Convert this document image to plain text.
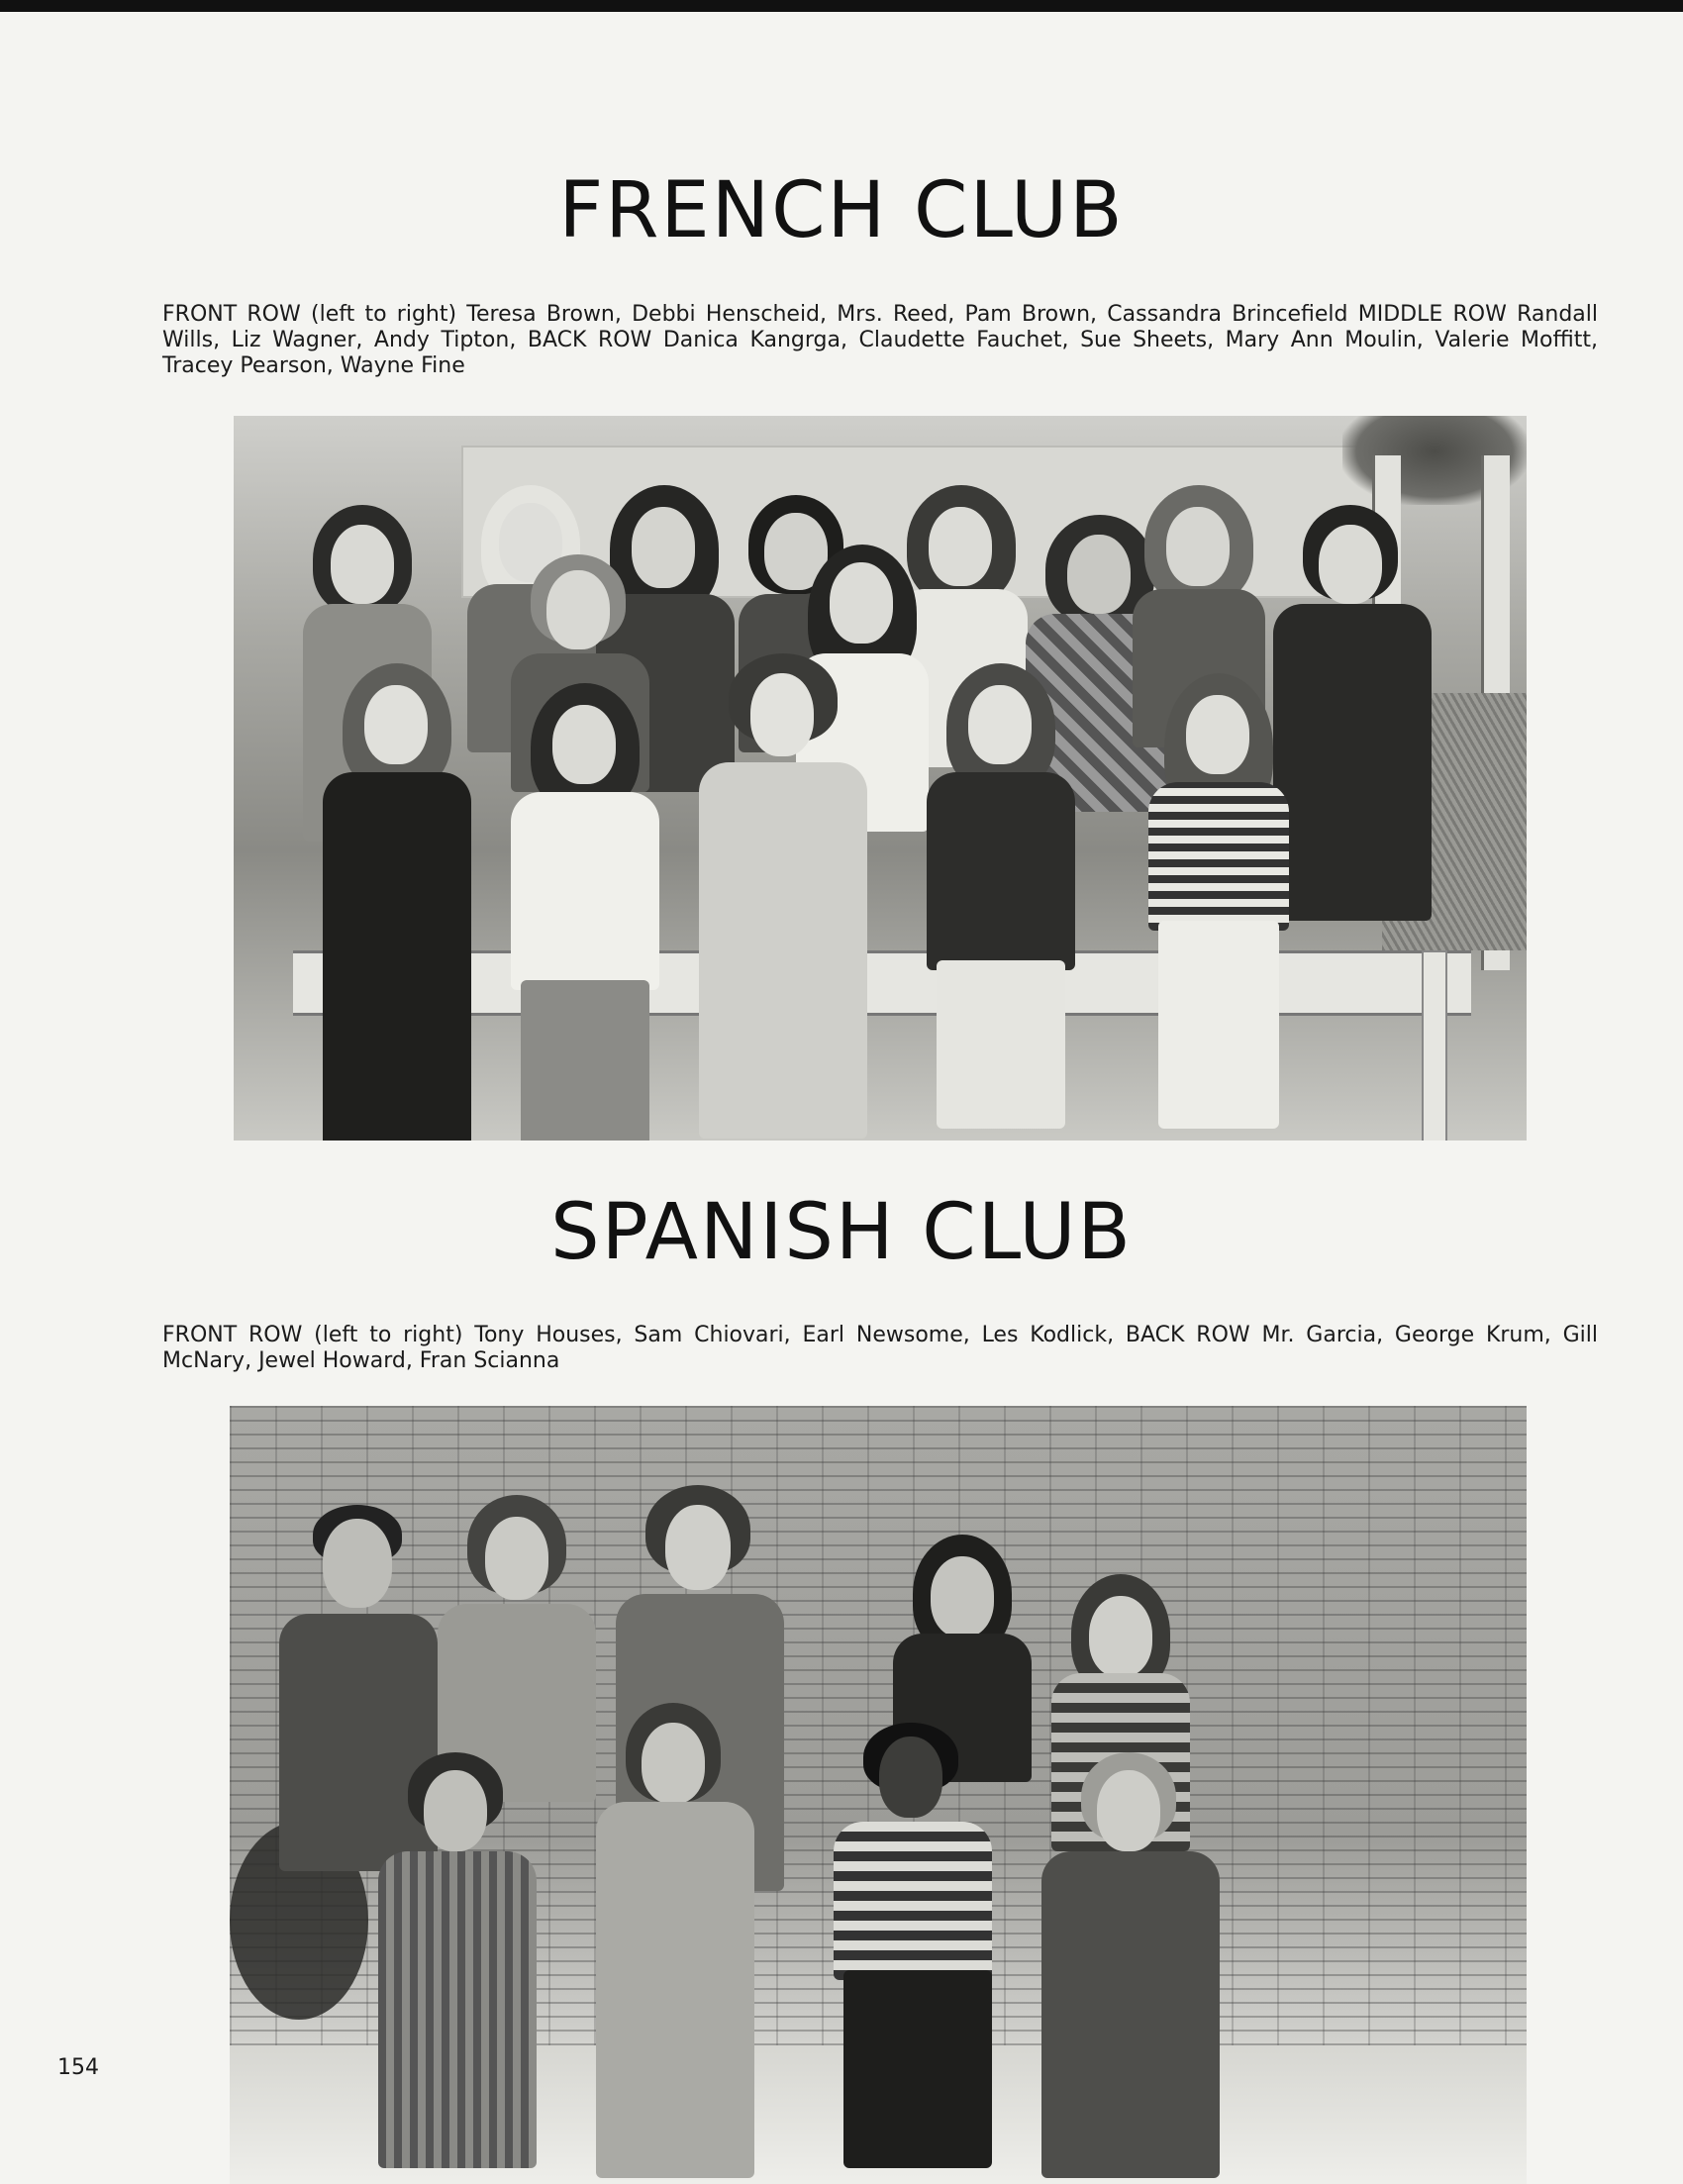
FRENCH CLUB

FRONT ROW (left to right) Teresa Brown, Debbi Henscheid, Mrs. Reed, Pam Brown, Cassandra Brincefield MIDDLE ROW Randall Wills, Liz Wagner, Andy Tipton, BACK ROW Danica Kangrga, Claudette Fauchet, Sue Sheets, Mary Ann Moulin, Valerie Moffitt, Tracey Pearson, Wayne Fine

SPANISH CLUB

FRONT ROW (left to right) Tony Houses, Sam Chiovari, Earl Newsome, Les Kodlick, BACK ROW Mr. Garcia, George Krum, Gill McNary, Jewel Howard, Fran Scianna

154
